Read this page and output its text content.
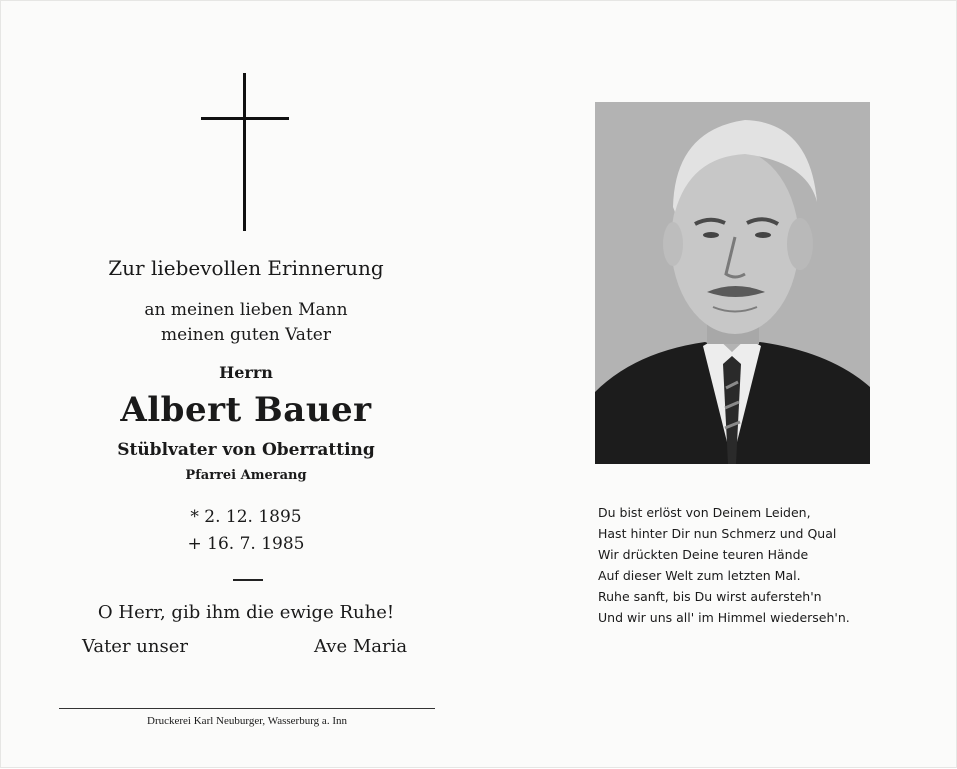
Zur liebevollen Erinnerung
an meinen lieben Mann
meinen guten Vater
Herrn
Albert Bauer
Stüblvater von Oberratting
Pfarrei Amerang
* 2. 12. 1895
+ 16. 7. 1985
O Herr, gib ihm die ewige Ruhe!
Vater unser	Ave Maria
Druckerei Karl Neuburger, Wasserburg a. Inn
Du bist erlöst von Deinem Leiden,
Hast hinter Dir nun Schmerz und Qual
Wir drückten Deine teuren Hände
Auf dieser Welt zum letzten Mal.
Ruhe sanft, bis Du wirst aufersteh'n
Und wir uns all' im Himmel wiederseh'n.
